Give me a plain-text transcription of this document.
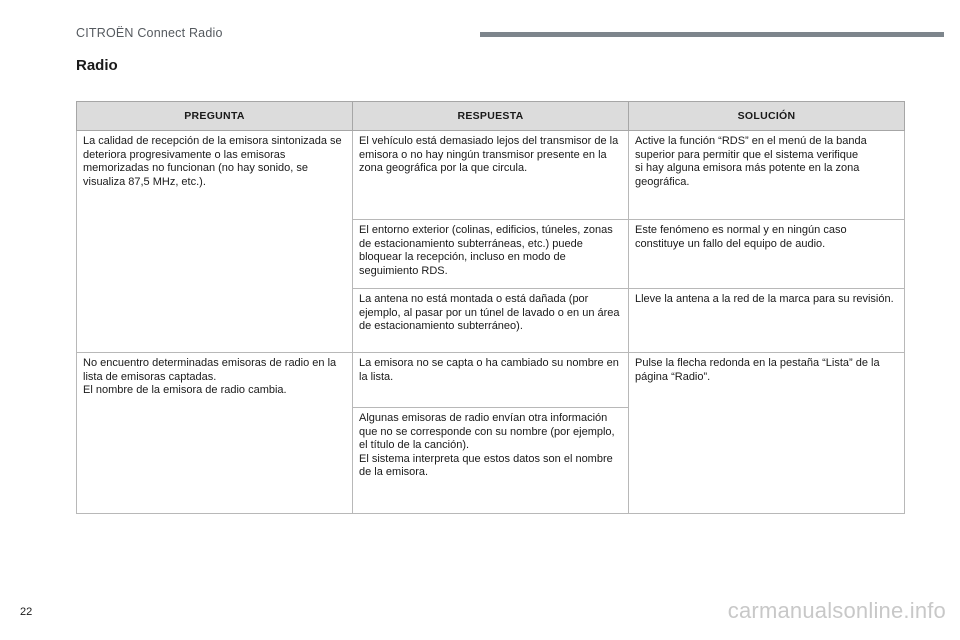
CITROËN Connect Radio
Radio
PREGUNTA	RESPUESTA	SOLUCIÓN
La calidad de recepción de la emisora sintonizada se deteriora progresivamente o las emisoras memorizadas no funcionan (no hay sonido, se visualiza 87,5 MHz, etc.).	El vehículo está demasiado lejos del transmisor de la emisora o no hay ningún transmisor presente en la zona geográfica por la que circula.	Active la función “RDS” en el menú de la banda superior para permitir que el sistema verifique
si hay alguna emisora más potente en la zona geográfica.
	El entorno exterior (colinas, edificios, túneles, zonas de estacionamiento subterráneas, etc.) puede bloquear la recepción, incluso en modo de seguimiento RDS.	Este fenómeno es normal y en ningún caso constituye un fallo del equipo de audio.
	La antena no está montada o está dañada (por ejemplo, al pasar por un túnel de lavado o en un área de estacionamiento subterráneo).	Lleve la antena a la red de la marca para su revisión.
No encuentro determinadas emisoras de radio en la lista de emisoras captadas.
El nombre de la emisora de radio cambia.	La emisora no se capta o ha cambiado su nombre en la lista.	Pulse la flecha redonda en la pestaña “Lista” de la página “Radio”.
	Algunas emisoras de radio envían otra información que no se corresponde con su nombre (por ejemplo, el título de la canción).
El sistema interpreta que estos datos son el nombre de la emisora.	
22	carmanualsonline.info
